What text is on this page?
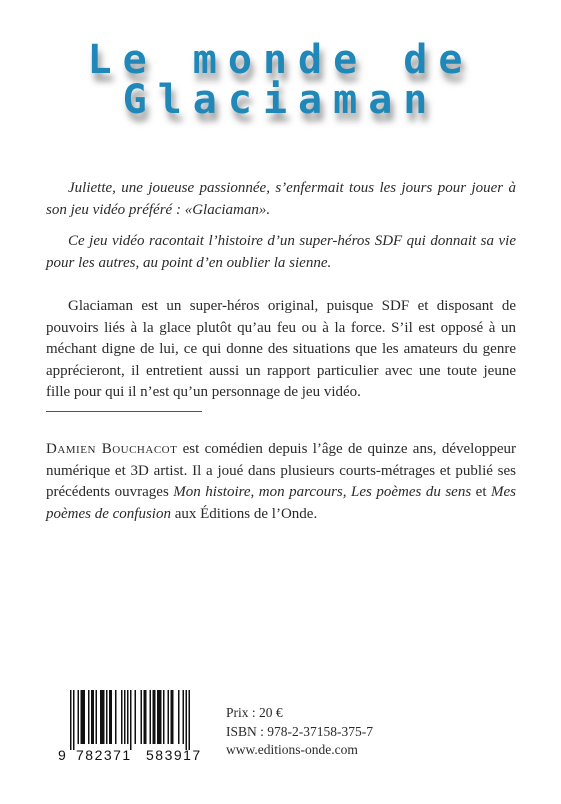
Le monde de
Glaciaman

Juliette, une joueuse passionnée, s’enfermait tous les jours pour jouer à son jeu vidéo préféré : «Glaciaman».

Ce jeu vidéo racontait l’histoire d’un super-héros SDF qui donnait sa vie pour les autres, au point d’en oublier la sienne.

Glaciaman est un super-héros original, puisque SDF et disposant de pouvoirs liés à la glace plutôt qu’au feu ou à la force. S’il est opposé à un méchant digne de lui, ce qui donne des situations que les amateurs du genre apprécieront, il entretient aussi un rapport particulier avec une toute jeune fille pour qui il n’est qu’un personnage de jeu vidéo.

Damien Bouchacot est comédien depuis l’âge de quinze ans, développeur numérique et 3D artist. Il a joué dans plusieurs courts-métrages et publié ses précédents ouvrages Mon histoire, mon parcours, Les poèmes du sens et Mes poèmes de confusion aux Éditions de l’Onde.

9 782371 583917
Prix : 20 €
ISBN : 978-2-37158-375-7
www.editions-onde.com
